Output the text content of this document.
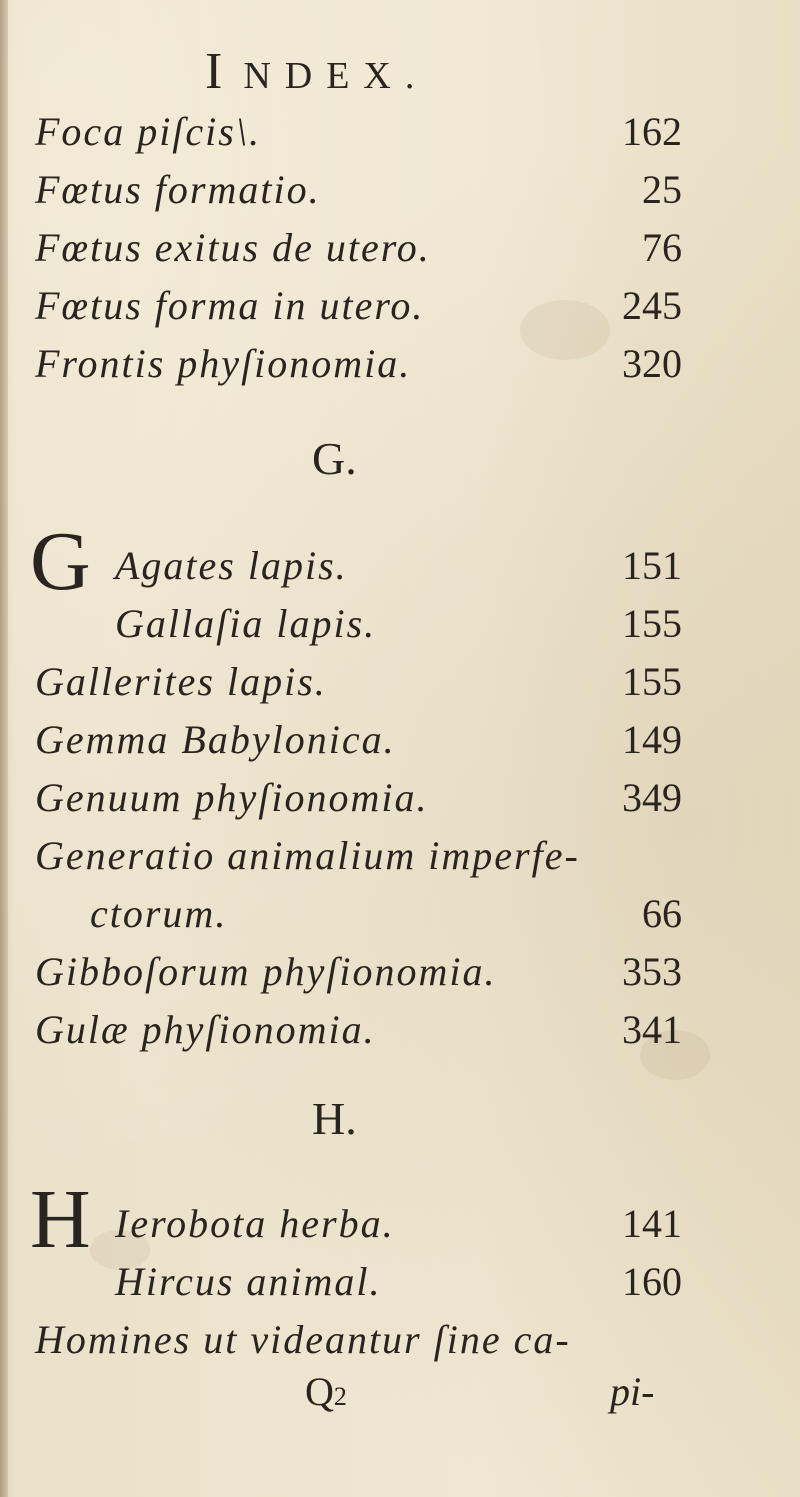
I NDEX.
Foca piſcis\.	162
Fœtus formatio.	25
Fœtus exitus de utero.	76
Fœtus forma in utero.	245
Frontis phyſionomia.	320
G.
G Agates lapis.	151
Gallaſia lapis.	155
Gallerites lapis.	155
Gemma Babylonica.	149
Genuum phyſionomia.	349
Generatio animalium imperfe-
ctorum.	66
Gibboſorum phyſionomia.	353
Gulæ phyſionomia.	341
H.
H Ierobota herba.	141
Hircus animal.	160
Homines ut videantur ſine ca-
Q2	pi-
